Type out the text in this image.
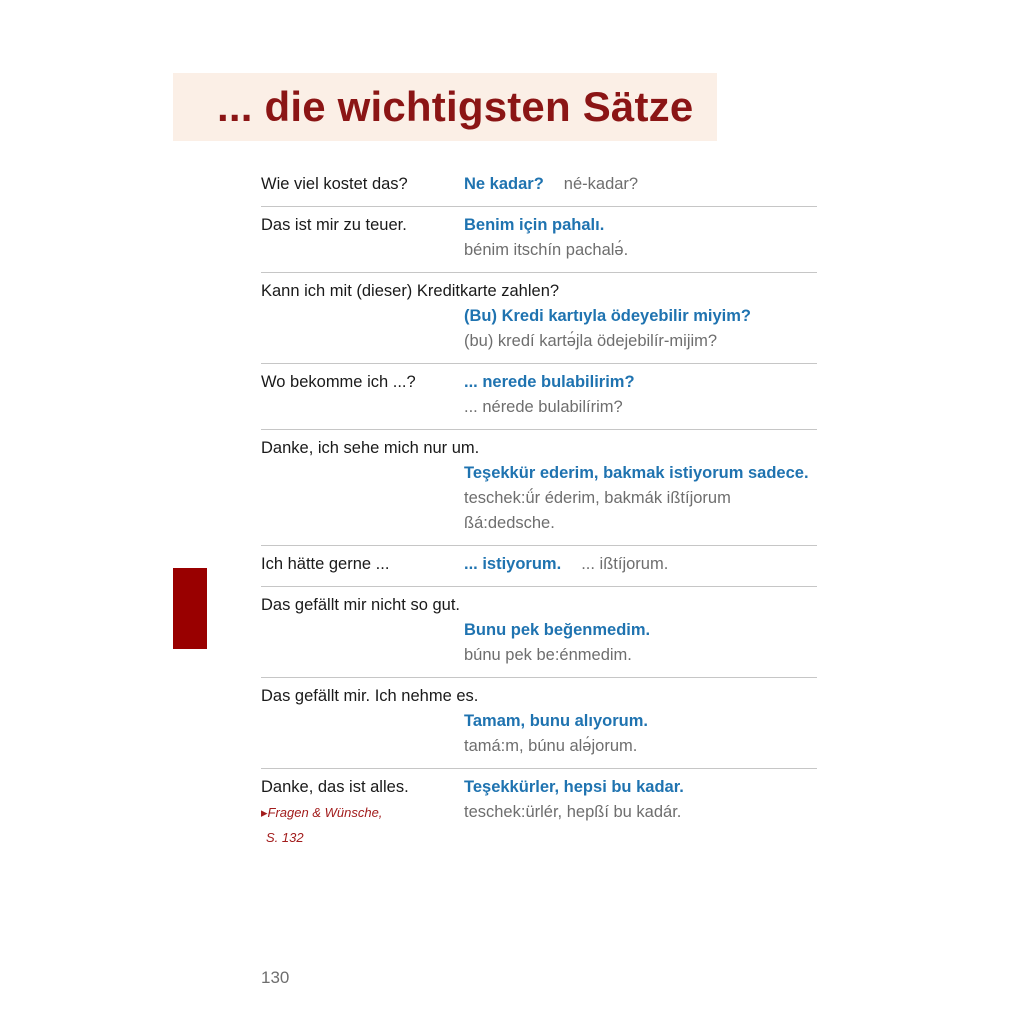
... die wichtigsten Sätze
Wie viel kostet das?	Ne kadar? né-kadar?
Das ist mir zu teuer.	Benim için pahalı.
bénim itschín pachalə́.
Kann ich mit (dieser) Kreditkarte zahlen?
(Bu) Kredi kartıyla ödeyebilir miyim?
(bu) kredí kartə́jla ödejebilír-mijim?
Wo bekomme ich ...?	... nerede bulabilirim?
... nérede bulabilírim?
Danke, ich sehe mich nur um.
Teşekkür ederim, bakmak istiyorum sadece.
teschek:ǘr éderim, bakmák ißtíjorum ßá:dedsche.
Ich hätte gerne ...	... istiyorum. ... ißtíjorum.
Das gefällt mir nicht so gut.
Bunu pek beğenmedim.
búnu pek be:énmedim.
Das gefällt mir. Ich nehme es.
Tamam, bunu alıyorum.
tamá:m, búnu alə́jorum.
Danke, das ist alles.
▸Fragen & Wünsche,
S. 132
Teşekkürler, hepsi bu kadar.
teschek:ürlér, hepßí bu kadár.
130
